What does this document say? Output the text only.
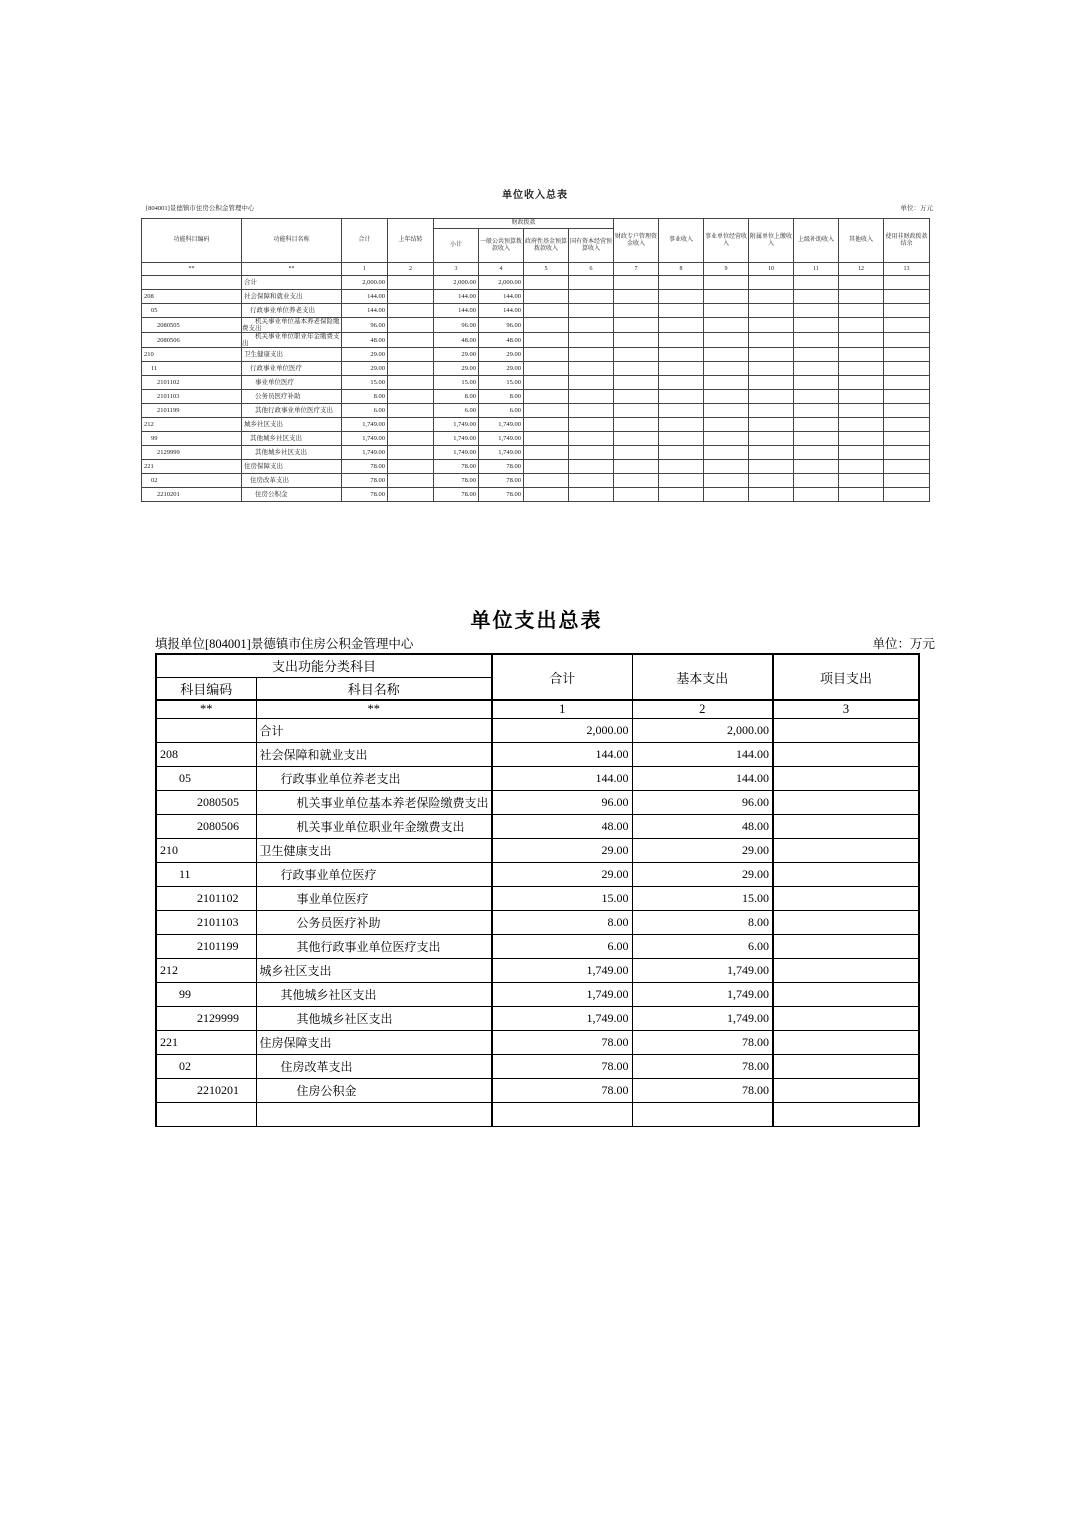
单位收入总表
[804001]景德镇市住房公积金管理中心	单位：万元
功能科目编码	功能科目名称	合计	上年结转	财政拨款				财政专户管理资金收入	事业收入	事业单位经营收入	附属单位上缴收入	上级补助收入	其他收入	使用非财政拨款结余
				小计	一般公共预算拨款收入	政府性基金预算拨款收入	国有资本经营预算收入							
**	**	1	2	3	4	5	6	7	8	9	10	11	12	13
	合计	2,000.00		2,000.00	2,000.00									
208	社会保障和就业支出	144.00		144.00	144.00									
05	行政事业单位养老支出	144.00		144.00	144.00									
2080505	机关事业单位基本养老保险缴费支出	96.00		96.00	96.00									
2080506	机关事业单位职业年金缴费支出	48.00		48.00	48.00									
210	卫生健康支出	29.00		29.00	29.00									
11	行政事业单位医疗	29.00		29.00	29.00									
2101102	事业单位医疗	15.00		15.00	15.00									
2101103	公务员医疗补助	8.00		8.00	8.00									
2101199	其他行政事业单位医疗支出	6.00		6.00	6.00									
212	城乡社区支出	1,749.00		1,749.00	1,749.00									
99	其他城乡社区支出	1,749.00		1,749.00	1,749.00									
2129999	其他城乡社区支出	1,749.00		1,749.00	1,749.00									
221	住房保障支出	78.00		78.00	78.00									
02	住房改革支出	78.00		78.00	78.00									
2210201	住房公积金	78.00		78.00	78.00									
单位支出总表
填报单位[804001]景德镇市住房公积金管理中心	单位：万元
支出功能分类科目		合计	基本支出	项目支出
科目编码	科目名称			
**	**	1	2	3
	合计	2,000.00	2,000.00	
208	社会保障和就业支出	144.00	144.00	
05	行政事业单位养老支出	144.00	144.00	
2080505	机关事业单位基本养老保险缴费支出	96.00	96.00	
2080506	机关事业单位职业年金缴费支出	48.00	48.00	
210	卫生健康支出	29.00	29.00	
11	行政事业单位医疗	29.00	29.00	
2101102	事业单位医疗	15.00	15.00	
2101103	公务员医疗补助	8.00	8.00	
2101199	其他行政事业单位医疗支出	6.00	6.00	
212	城乡社区支出	1,749.00	1,749.00	
99	其他城乡社区支出	1,749.00	1,749.00	
2129999	其他城乡社区支出	1,749.00	1,749.00	
221	住房保障支出	78.00	78.00	
02	住房改革支出	78.00	78.00	
2210201	住房公积金	78.00	78.00	
